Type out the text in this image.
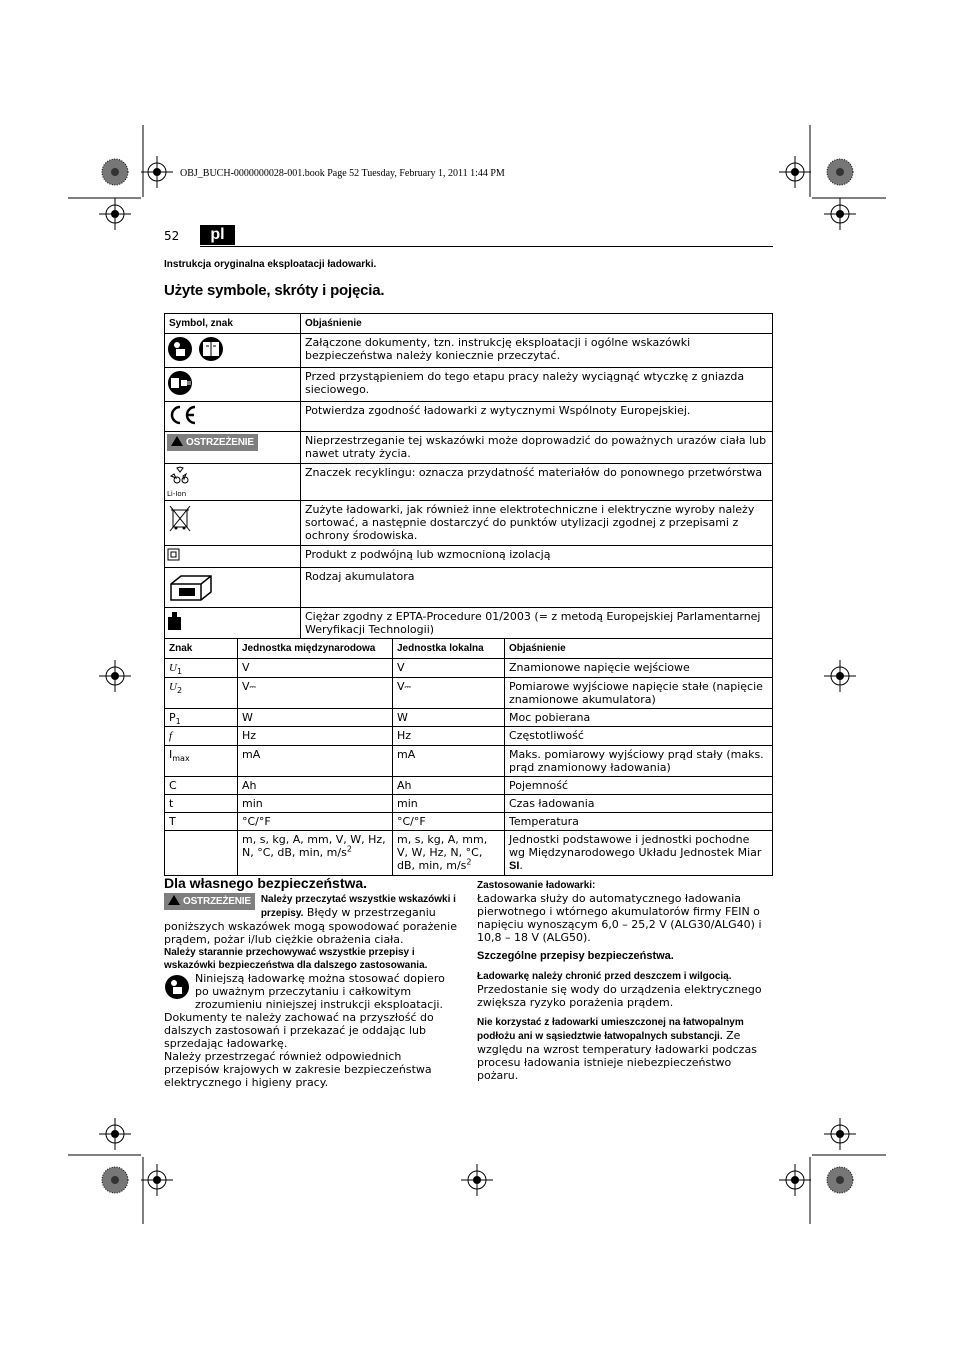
OBJ_BUCH-0000000028-001.book Page 52 Tuesday, February 1, 2011 1:44 PM
52	pl
Instrukcja oryginalna eksploatacji ładowarki.
Użyte symbole, skróty i pojęcia.
Symbol, znak	Objaśnienie
	Załączone dokumenty, tzn. instrukcję eksploatacji i ogólne wskazówki bezpieczeństwa należy koniecznie przeczytać.
	Przed przystąpieniem do tego etapu pracy należy wyciągnąć wtyczkę z gniazda sieciowego.
	Potwierdza zgodność ładowarki z wytycznymi Wspólnoty Europejskiej.
OSTRZEŻENIE	Nieprzestrzeganie tej wskazówki może doprowadzić do poważnych urazów ciała lub nawet utraty życia.

Li-Ion	Znaczek recyklingu: oznacza przydatność materiałów do ponownego przetwórstwa
	Zużyte ładowarki, jak również inne elektrotechniczne i elektryczne wyroby należy sortować, a następnie dostarczyć do punktów utylizacji zgodnej z przepisami z ochrony środowiska.
	Produkt z podwójną lub wzmocnioną izolacją
	Rodzaj akumulatora
	Ciężar zgodny z EPTA-Procedure 01/2003 (= z metodą Europejskiej Parlamentarnej Weryfikacji Technologii)
Znak	Jednostka międzynarodowa	Jednostka lokalna	Objaśnienie
$U_1$	V	V	Znamionowe napięcie wejściowe
$U_2$	V⎓	V⎓	Pomiarowe wyjściowe napięcie stałe (napięcie znamionowe akumulatora)
$P_1$	W	W	Moc pobierana
f	Hz	Hz	Częstotliwość
$I_{max}$	mA	mA	Maks. pomiarowy wyjściowy prąd stały (maks. prąd znamionowy ładowania)
C	Ah	Ah	Pojemność
t	min	min	Czas ładowania
T	°C/°F	°C/°F	Temperatura
	m, s, kg, A, mm, V, W, Hz, N, °C, dB, min, $m/s^2$	m, s, kg, A, mm, V, W, Hz, N, °C, dB, min, $m/s^2$	Jednostki podstawowe i jednostki pochodne wg Międzynarodowego Układu Jednostek Miar SI.
Dla własnego bezpieczeństwa.

OSTRZEŻENIE	Należy przeczytać wszystkie wskazówki i przepisy. Błędy w przestrzeganiu poniższych wskazówek mogą spowodować porażenie prądem, pożar i/lub ciężkie obrażenia ciała.

Należy starannie przechowywać wszystkie przepisy i wskazówki bezpieczeństwa dla dalszego zastosowania.

Niniejszą ładowarkę można stosować dopiero po uważnym przeczytaniu i całkowitym zrozumieniu niniejszej instrukcji eksploatacji. Dokumenty te należy zachować na przyszłość do dalszych zastosowań i przekazać je oddając lub sprzedając ładowarkę.

Należy przestrzegać również odpowiednich przepisów krajowych w zakresie bezpieczeństwa elektrycznego i higieny pracy.

Zastosowanie ładowarki:

Ładowarka służy do automatycznego ładowania pierwotnego i wtórnego akumulatorów firmy FEIN o napięciu wynoszącym 6,0 – 25,2 V (ALG30/ALG40) i 10,8 – 18 V (ALG50).

Szczególne przepisy bezpieczeństwa.

Ładowarkę należy chronić przed deszczem i wilgocią.
Przedostanie się wody do urządzenia elektrycznego zwiększa ryzyko porażenia prądem.

Nie korzystać z ładowarki umieszczonej na łatwopalnym podłożu ani w sąsiedztwie łatwopalnych substancji. Ze względu na wzrost temperatury ładowarki podczas procesu ładowania istnieje niebezpieczeństwo pożaru.
